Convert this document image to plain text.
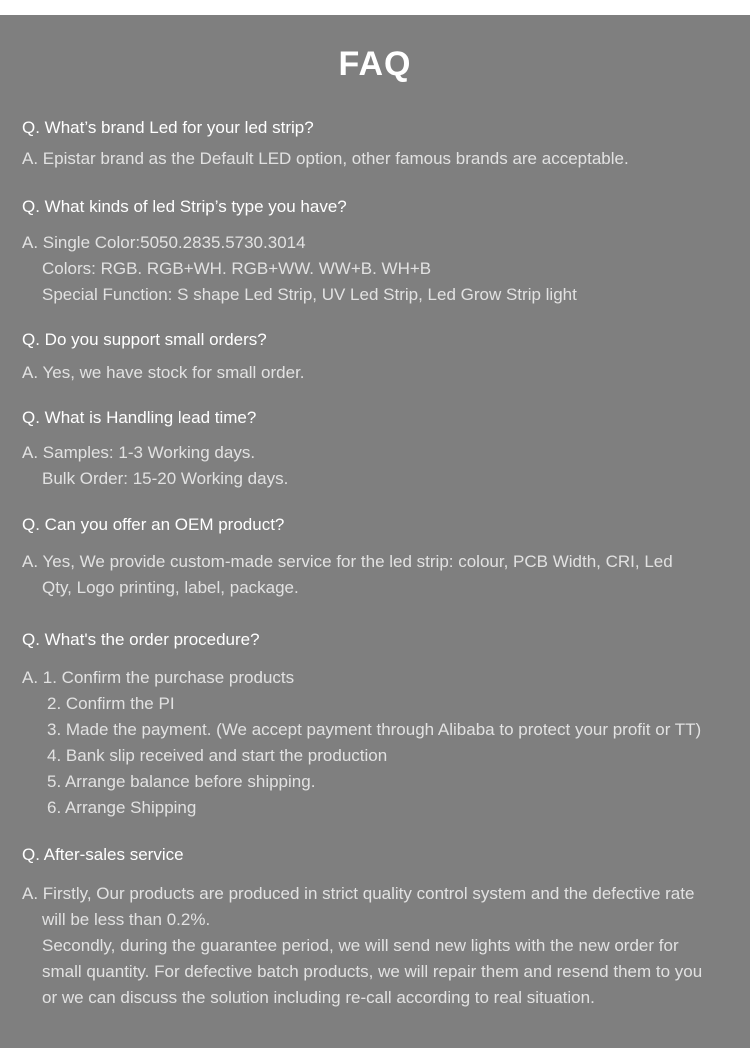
FAQ
Q. What’s brand Led for your led strip?
A. Epistar brand as the Default LED option, other famous brands are acceptable.
Q. What kinds of led Strip’s type you have?
A. Single Color:5050.2835.5730.3014
Colors: RGB. RGB+WH. RGB+WW. WW+B. WH+B
Special Function: S shape Led Strip, UV Led Strip, Led Grow Strip light
Q. Do you support small orders?
A. Yes, we have stock for small order.
Q. What is Handling lead time?
A. Samples: 1-3 Working days.
Bulk Order: 15-20 Working days.
Q. Can you offer an OEM product?
A. Yes, We provide custom-made service for the led strip: colour, PCB Width, CRI, Led
Qty, Logo printing, label, package.
Q. What's the order procedure?
A. 1. Confirm the purchase products
2. Confirm the PI
3. Made the payment. (We accept payment through Alibaba to protect your profit or TT)
4. Bank slip received and start the production
5. Arrange balance before shipping.
6. Arrange Shipping
Q. After-sales service
A. Firstly, Our products are produced in strict quality control system and the defective rate
will be less than 0.2%.
Secondly, during the guarantee period, we will send new lights with the new order for
small quantity. For defective batch products, we will repair them and resend them to you
or we can discuss the solution including re-call according to real situation.
